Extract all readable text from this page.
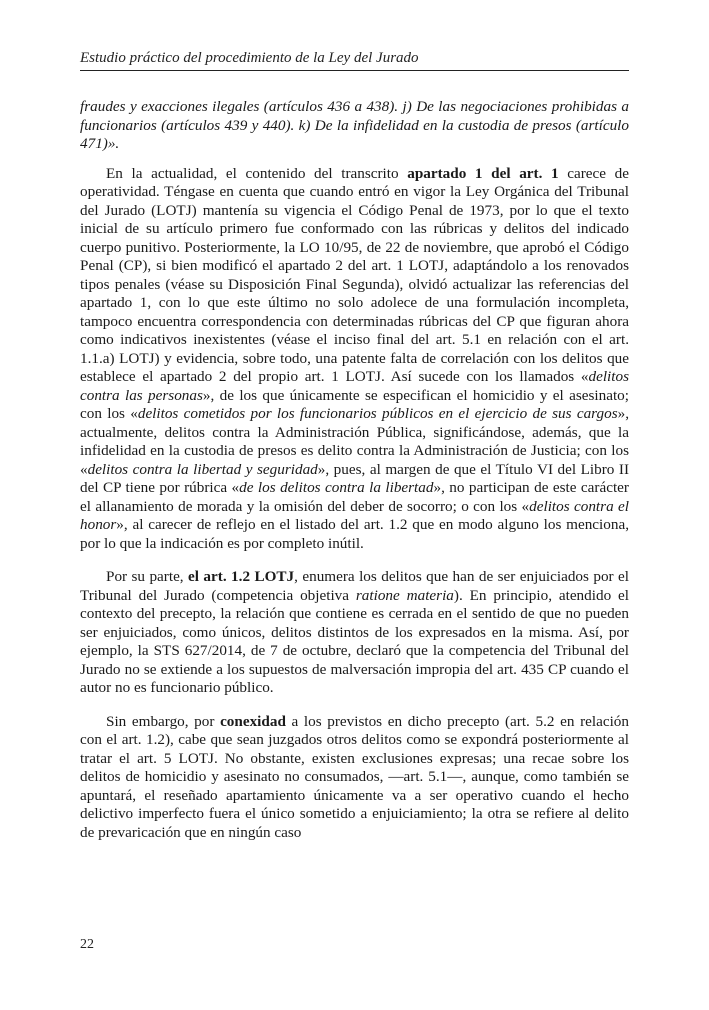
Estudio práctico del procedimiento de la Ley del Jurado

fraudes y exacciones ilegales (artículos 436 a 438). j) De las negociaciones prohibidas a funcionarios (artículos 439 y 440). k) De la infidelidad en la custodia de presos (artículo 471)».

En la actualidad, el contenido del transcrito apartado 1 del art. 1 carece de operatividad. Téngase en cuenta que cuando entró en vigor la Ley Orgánica del Tribunal del Jurado (LOTJ) mantenía su vigencia el Código Penal de 1973, por lo que el texto inicial de su artículo primero fue conformado con las rúbricas y delitos del indicado cuerpo punitivo. Posteriormente, la LO 10/95, de 22 de noviembre, que aprobó el Código Penal (CP), si bien modificó el apartado 2 del art. 1 LOTJ, adaptándolo a los renovados tipos penales (véase su Disposición Final Segunda), olvidó actualizar las referencias del apartado 1, con lo que este último no solo adolece de una formulación incompleta, tampoco encuentra correspondencia con determinadas rúbricas del CP que figuran ahora como indicativos inexistentes (véase el inciso final del art. 5.1 en relación con el art. 1.1.a) LOTJ) y evidencia, sobre todo, una patente falta de correlación con los delitos que establece el apartado 2 del propio art. 1 LOTJ. Así sucede con los llamados «delitos contra las personas», de los que únicamente se especifican el homicidio y el asesinato; con los «delitos cometidos por los funcionarios públicos en el ejercicio de sus cargos», actualmente, delitos contra la Administración Pública, significándose, además, que la infidelidad en la custodia de presos es delito contra la Administración de Justicia; con los «delitos contra la libertad y seguridad», pues, al margen de que el Título VI del Libro II del CP tiene por rúbrica «de los delitos contra la libertad», no participan de este carácter el allanamiento de morada y la omisión del deber de socorro; o con los «delitos contra el honor», al carecer de reflejo en el listado del art. 1.2 que en modo alguno los menciona, por lo que la indicación es por completo inútil.

Por su parte, el art. 1.2 LOTJ, enumera los delitos que han de ser enjuiciados por el Tribunal del Jurado (competencia objetiva ratione materia). En principio, atendido el contexto del precepto, la relación que contiene es cerrada en el sentido de que no pueden ser enjuiciados, como únicos, delitos distintos de los expresados en la misma. Así, por ejemplo, la STS 627/2014, de 7 de octubre, declaró que la competencia del Tribunal del Jurado no se extiende a los supuestos de malversación impropia del art. 435 CP cuando el autor no es funcionario público.

Sin embargo, por conexidad a los previstos en dicho precepto (art. 5.2 en relación con el art. 1.2), cabe que sean juzgados otros delitos como se expondrá posteriormente al tratar el art. 5 LOTJ. No obstante, existen exclusiones expresas; una recae sobre los delitos de homicidio y asesinato no consumados, —art. 5.1—, aunque, como también se apuntará, el reseñado apartamiento únicamente va a ser operativo cuando el hecho delictivo imperfecto fuera el único sometido a enjuiciamiento; la otra se refiere al delito de prevaricación que en ningún caso

22
